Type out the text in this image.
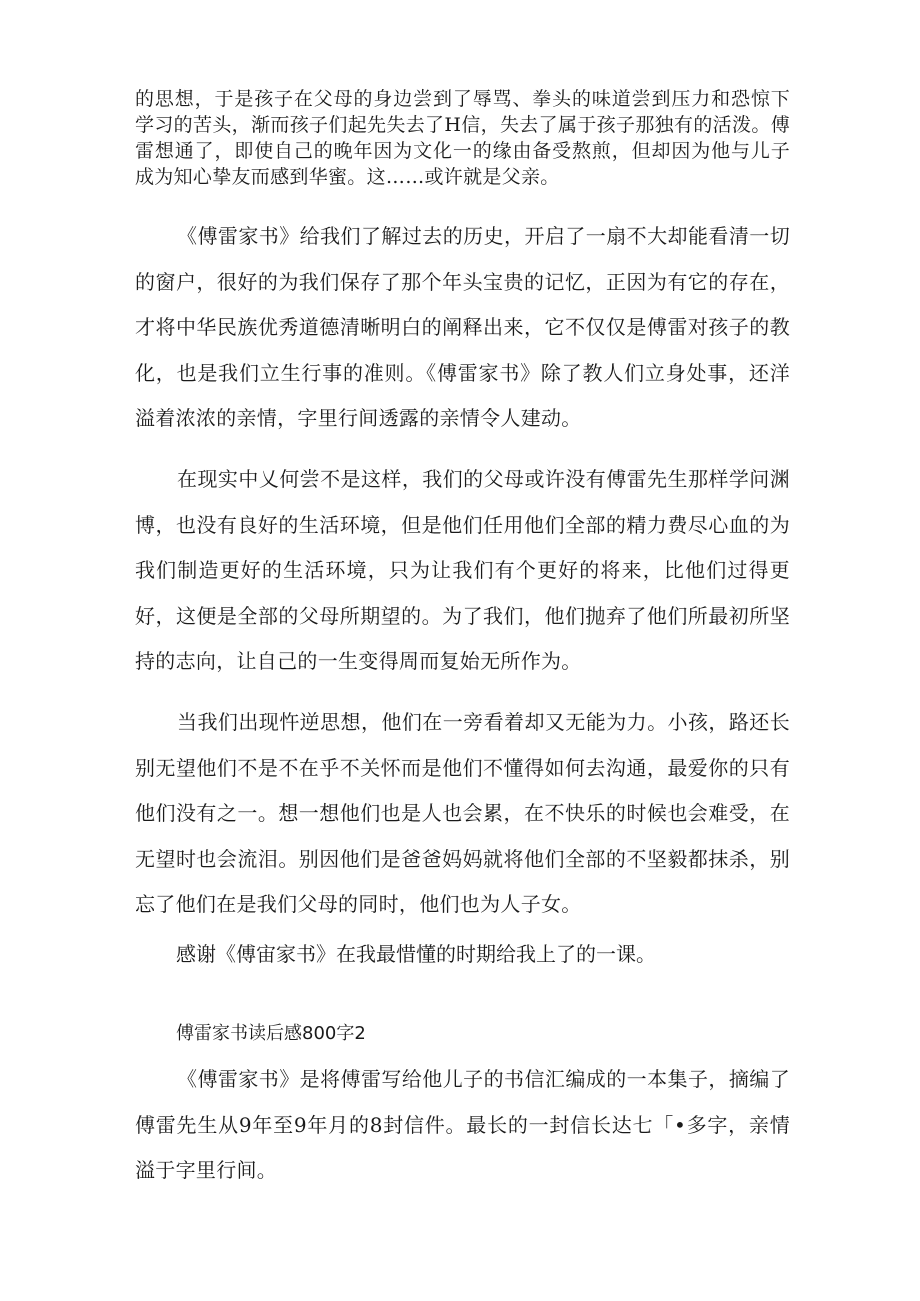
的思想，于是孩子在父母的身边尝到了辱骂、拳头的味道尝到压力和恐惊下学习的苦头，渐而孩子们起先失去了H信，失去了属于孩子那独有的活泼。傅雷想通了，即使自己的晚年因为文化一的缘由备受熬煎，但却因为他与儿子成为知心挚友而感到华蜜。这……或许就是父亲。

《傅雷家书》给我们了解过去的历史，开启了一扇不大却能看清一切的窗户，很好的为我们保存了那个年头宝贵的记忆，正因为有它的存在，才将中华民族优秀道德清晰明白的阐释出来，它不仅仅是傅雷对孩子的教化，也是我们立生行事的准则。《傅雷家书》除了教人们立身处事，还洋溢着浓浓的亲情，字里行间透露的亲情令人建动。

在现实中乂何尝不是这样，我们的父母或许没有傅雷先生那样学问渊博，也没有良好的生活环境，但是他们任用他们全部的精力费尽心血的为我们制造更好的生活环境，只为让我们有个更好的将来，比他们过得更好，这便是全部的父母所期望的。为了我们，他们抛弃了他们所最初所坚持的志向，让自己的一生变得周而复始无所作为。

当我们出现忤逆思想，他们在一旁看着却又无能为力。小孩，路还长别无望他们不是不在乎不关怀而是他们不懂得如何去沟通，最爱你的只有他们没有之一。想一想他们也是人也会累，在不快乐的时候也会难受，在无望时也会流泪。别因他们是爸爸妈妈就将他们全部的不坚毅都抹杀，别忘了他们在是我们父母的同时，他们也为人子女。

感谢《傅宙家书》在我最惜懂的时期给我上了的一课。

傅雷家书读后感800字2

《傅雷家书》是将傅雷写给他儿子的书信汇编成的一本集子，摘编了傅雷先生从9年至9年月的8封信件。最长的一封信长达七「•多字，亲情溢于字里行间。
